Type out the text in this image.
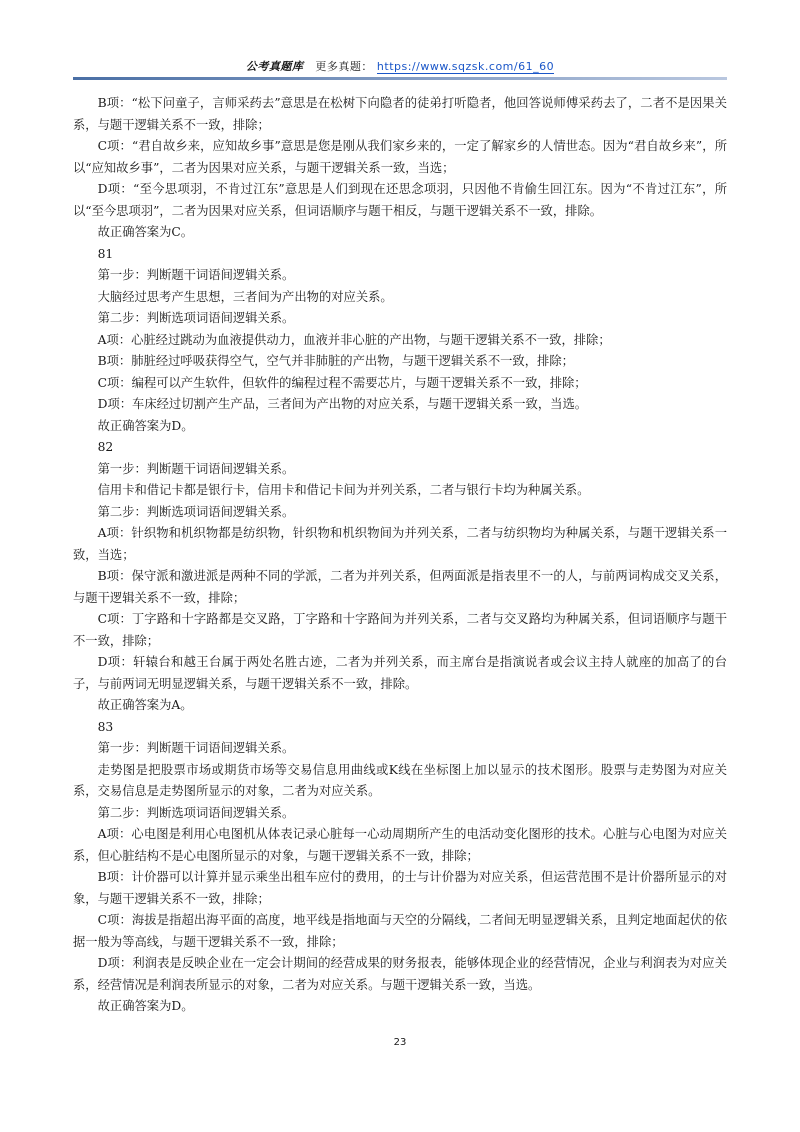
公考真题库 更多真题： https://www.sqzsk.com/61_60

B项：“松下问童子，言师采药去”意思是在松树下向隐者的徒弟打听隐者，他回答说师傅采药去了，二者不是因果关系，与题干逻辑关系不一致，排除；

C项：“君自故乡来，应知故乡事”意思是您是刚从我们家乡来的，一定了解家乡的人情世态。因为“君自故乡来”，所以“应知故乡事”，二者为因果对应关系，与题干逻辑关系一致，当选；

D项：“至今思项羽，不肯过江东”意思是人们到现在还思念项羽，只因他不肯偷生回江东。因为“不肯过江东”，所以“至今思项羽”，二者为因果对应关系，但词语顺序与题干相反，与题干逻辑关系不一致，排除。

故正确答案为C。

81

第一步：判断题干词语间逻辑关系。

大脑经过思考产生思想，三者间为产出物的对应关系。

第二步：判断选项词语间逻辑关系。

A项：心脏经过跳动为血液提供动力，血液并非心脏的产出物，与题干逻辑关系不一致，排除；

B项：肺脏经过呼吸获得空气，空气并非肺脏的产出物，与题干逻辑关系不一致，排除；

C项：编程可以产生软件，但软件的编程过程不需要芯片，与题干逻辑关系不一致，排除；

D项：车床经过切割产生产品，三者间为产出物的对应关系，与题干逻辑关系一致，当选。

故正确答案为D。

82

第一步：判断题干词语间逻辑关系。

信用卡和借记卡都是银行卡，信用卡和借记卡间为并列关系，二者与银行卡均为种属关系。

第二步：判断选项词语间逻辑关系。

A项：针织物和机织物都是纺织物，针织物和机织物间为并列关系，二者与纺织物均为种属关系，与题干逻辑关系一致，当选；

B项：保守派和激进派是两种不同的学派，二者为并列关系，但两面派是指表里不一的人，与前两词构成交叉关系，与题干逻辑关系不一致，排除；

C项：丁字路和十字路都是交叉路，丁字路和十字路间为并列关系，二者与交叉路均为种属关系，但词语顺序与题干不一致，排除；

D项：轩辕台和越王台属于两处名胜古迹，二者为并列关系，而主席台是指演说者或会议主持人就座的加高了的台子，与前两词无明显逻辑关系，与题干逻辑关系不一致，排除。

故正确答案为A。

83

第一步：判断题干词语间逻辑关系。

走势图是把股票市场或期货市场等交易信息用曲线或K线在坐标图上加以显示的技术图形。股票与走势图为对应关系，交易信息是走势图所显示的对象，二者为对应关系。

第二步：判断选项词语间逻辑关系。

A项：心电图是利用心电图机从体表记录心脏每一心动周期所产生的电活动变化图形的技术。心脏与心电图为对应关系，但心脏结构不是心电图所显示的对象，与题干逻辑关系不一致，排除；

B项：计价器可以计算并显示乘坐出租车应付的费用，的士与计价器为对应关系，但运营范围不是计价器所显示的对象，与题干逻辑关系不一致，排除；

C项：海拔是指超出海平面的高度，地平线是指地面与天空的分隔线，二者间无明显逻辑关系，且判定地面起伏的依据一般为等高线，与题干逻辑关系不一致，排除；

D项：利润表是反映企业在一定会计期间的经营成果的财务报表，能够体现企业的经营情况，企业与利润表为对应关系，经营情况是利润表所显示的对象，二者为对应关系。与题干逻辑关系一致，当选。

故正确答案为D。

23
